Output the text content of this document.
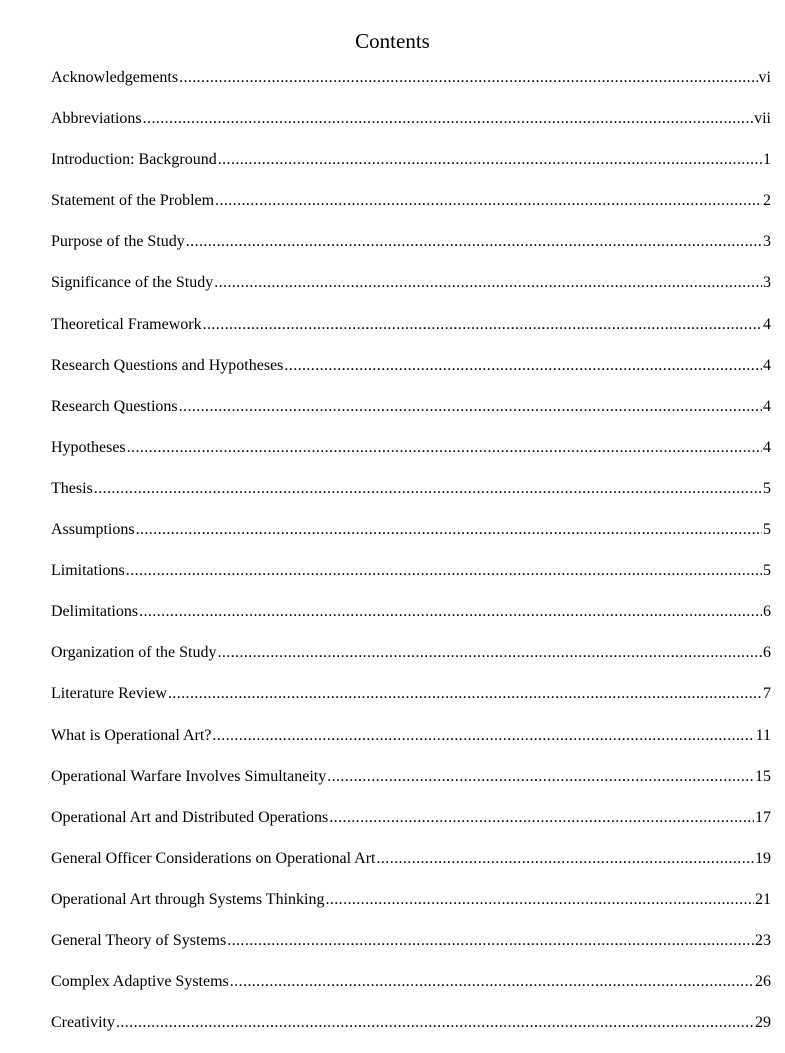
Contents
Acknowledgements .....	vi
Abbreviations .....	vii
Introduction: Background .....	1
Statement of the Problem .....	2
Purpose of the Study .....	3
Significance of the Study .....	3
Theoretical Framework .....	4
Research Questions and Hypotheses .....	4
Research Questions .....	4
Hypotheses .....	4
Thesis .....	5
Assumptions .....	5
Limitations .....	5
Delimitations .....	6
Organization of the Study .....	6
Literature Review .....	7
What is Operational Art? .....	11
Operational Warfare Involves Simultaneity .....	15
Operational Art and Distributed Operations .....	17
General Officer Considerations on Operational Art .....	19
Operational Art through Systems Thinking .....	21
General Theory of Systems .....	23
Complex Adaptive Systems .....	26
Creativity .....	29
